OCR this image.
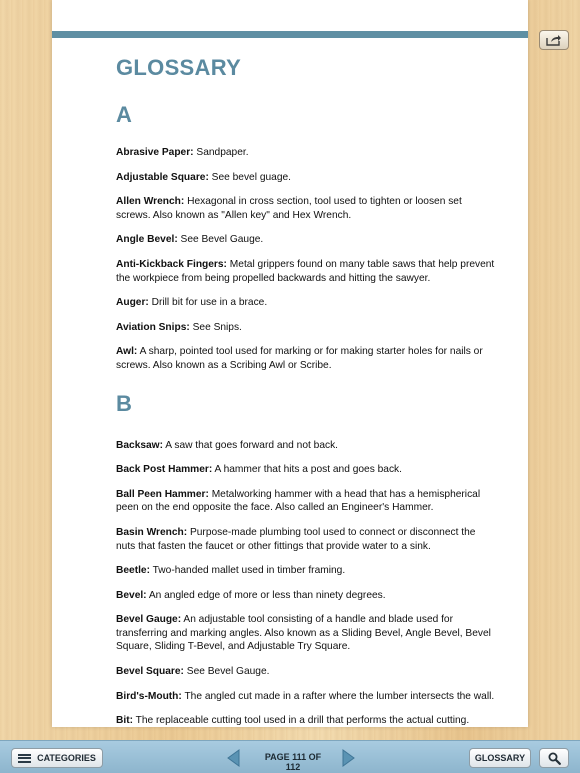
GLOSSARY
A

Abrasive Paper: Sandpaper.

Adjustable Square: See bevel guage.

Allen Wrench: Hexagonal in cross section, tool used to tighten or loosen set screws. Also known as "Allen key" and Hex Wrench.

Angle Bevel: See Bevel Gauge.

Anti-Kickback Fingers: Metal grippers found on many table saws that help prevent the workpiece from being propelled backwards and hitting the sawyer.

Auger: Drill bit for use in a brace.

Aviation Snips: See Snips.

Awl: A sharp, pointed tool used for marking or for making starter holes for nails or screws. Also known as a Scribing Awl or Scribe.

B

Backsaw: A saw that goes forward and not back.

Back Post Hammer: A hammer that hits a post and goes back.

Ball Peen Hammer: Metalworking hammer with a head that has a hemispherical peen on the end opposite the face. Also called an Engineer's Hammer.

Basin Wrench: Purpose-made plumbing tool used to connect or disconnect the nuts that fasten the faucet or other fittings that provide water to a sink.

Beetle: Two-handed mallet used in timber framing.

Bevel: An angled edge of more or less than ninety degrees.

Bevel Gauge: An adjustable tool consisting of a handle and blade used for transferring and marking angles. Also known as a Sliding Bevel, Angle Bevel, Bevel Square, Sliding T-Bevel, and Adjustable Try Square.

Bevel Square: See Bevel Gauge.

Bird's-Mouth: The angled cut made in a rafter where the lumber intersects the wall.

Bit: The replaceable cutting tool used in a drill that performs the actual cutting.

CATEGORIES	PAGE 111 OF 112
GLOSSARY
